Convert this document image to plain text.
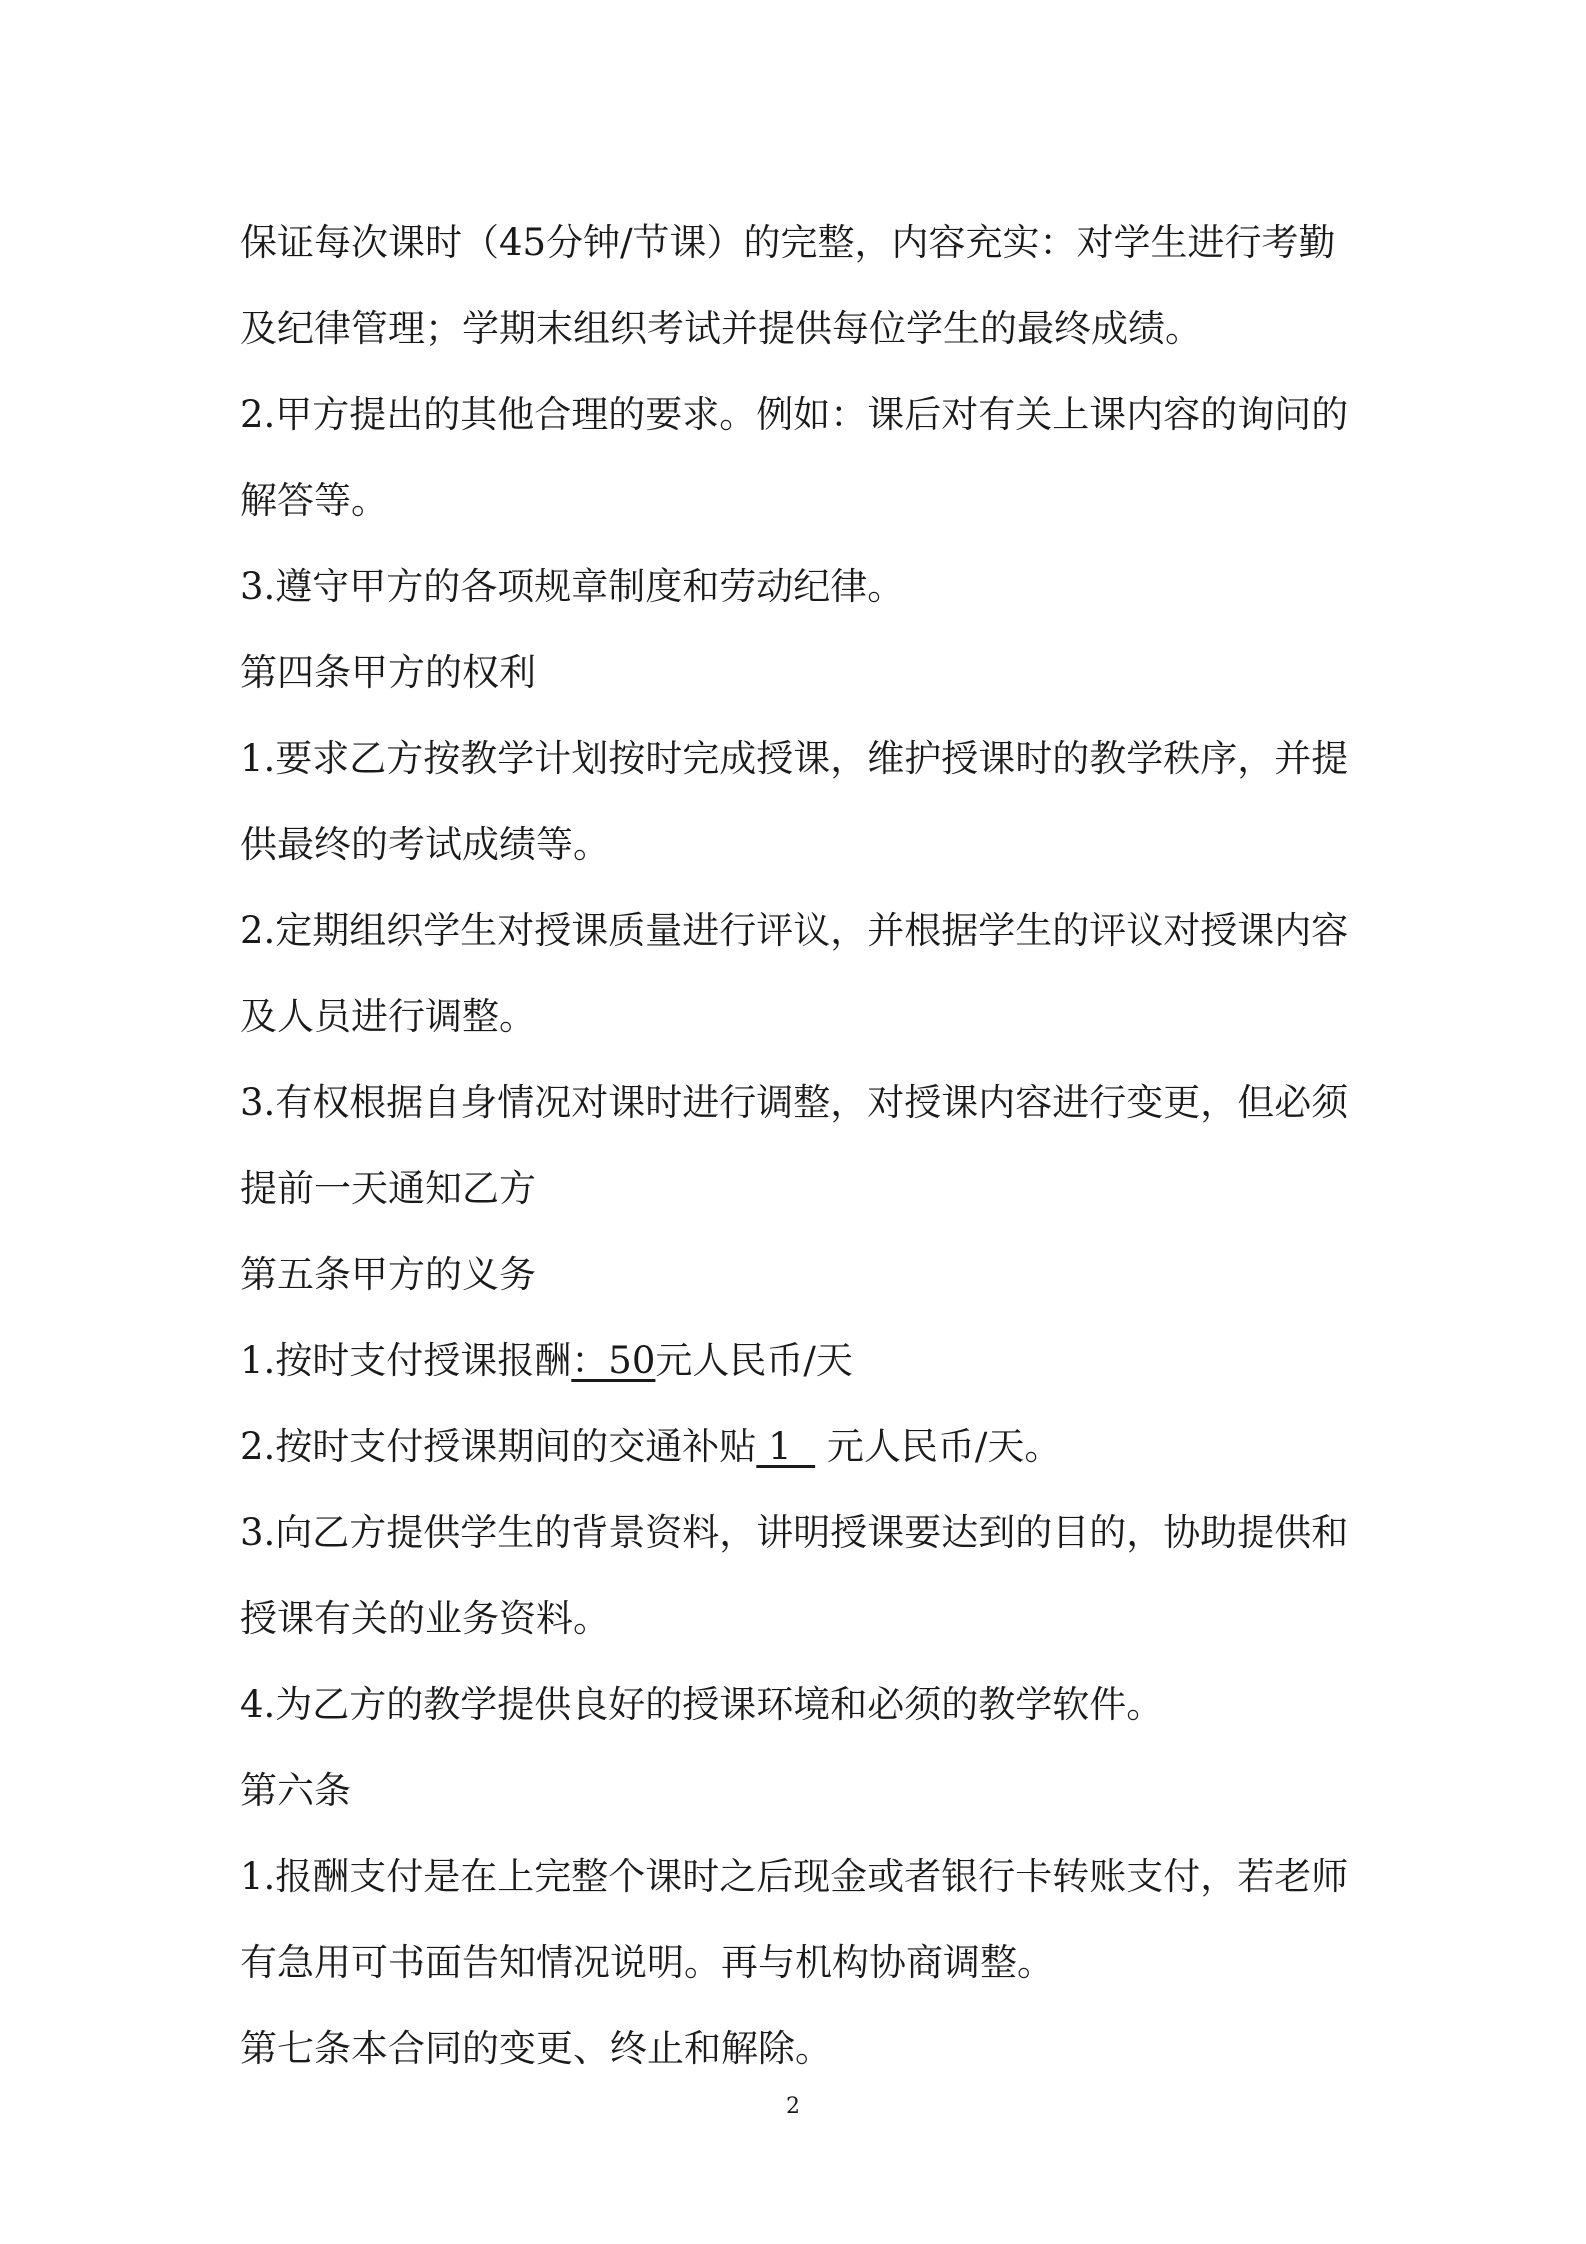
保证每次课时（45分钟/节课）的完整，内容充实：对学生进行考勤
及纪律管理；学期末组织考试并提供每位学生的最终成绩。
2.甲方提出的其他合理的要求。例如：课后对有关上课内容的询问的
解答等。
3.遵守甲方的各项规章制度和劳动纪律。
第四条甲方的权利
1.要求乙方按教学计划按时完成授课，维护授课时的教学秩序，并提
供最终的考试成绩等。
2.定期组织学生对授课质量进行评议，并根据学生的评议对授课内容
及人员进行调整。
3.有权根据自身情况对课时进行调整，对授课内容进行变更，但必须
提前一天通知乙方
第五条甲方的义务
1.按时支付授课报酬：50元人民币/天
2.按时支付授课期间的交通补贴 1   元人民币/天。
3.向乙方提供学生的背景资料，讲明授课要达到的目的，协助提供和
授课有关的业务资料。
4.为乙方的教学提供良好的授课环境和必须的教学软件。
第六条
1.报酬支付是在上完整个课时之后现金或者银行卡转账支付，若老师
有急用可书面告知情况说明。再与机构协商调整。
第七条本合同的变更、终止和解除。
2
